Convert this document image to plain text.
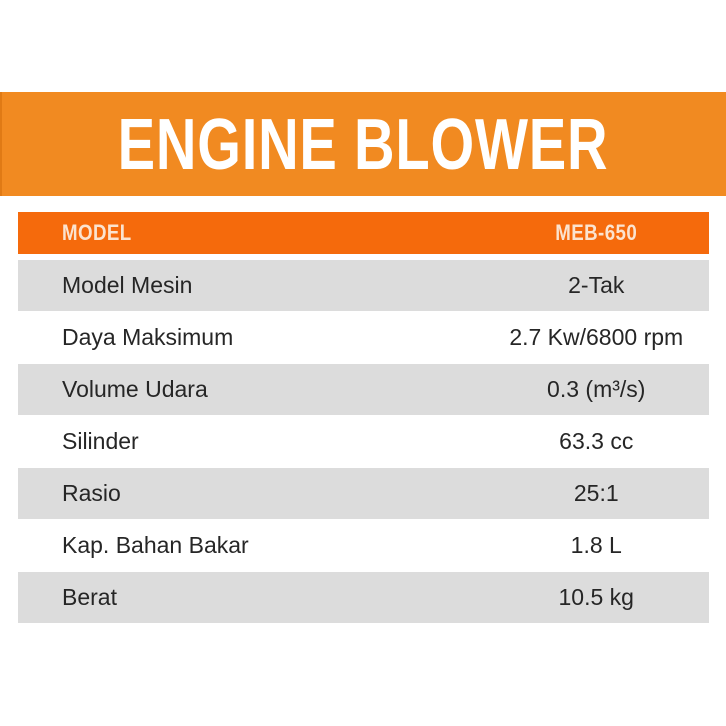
ENGINE BLOWER
MODEL	MEB-650

Model Mesin	2-Tak
Daya Maksimum	2.7 Kw/6800 rpm
Volume Udara	0.3 (m³/s)
Silinder	63.3 cc
Rasio	25:1
Kap. Bahan Bakar	1.8 L
Berat	10.5 kg
